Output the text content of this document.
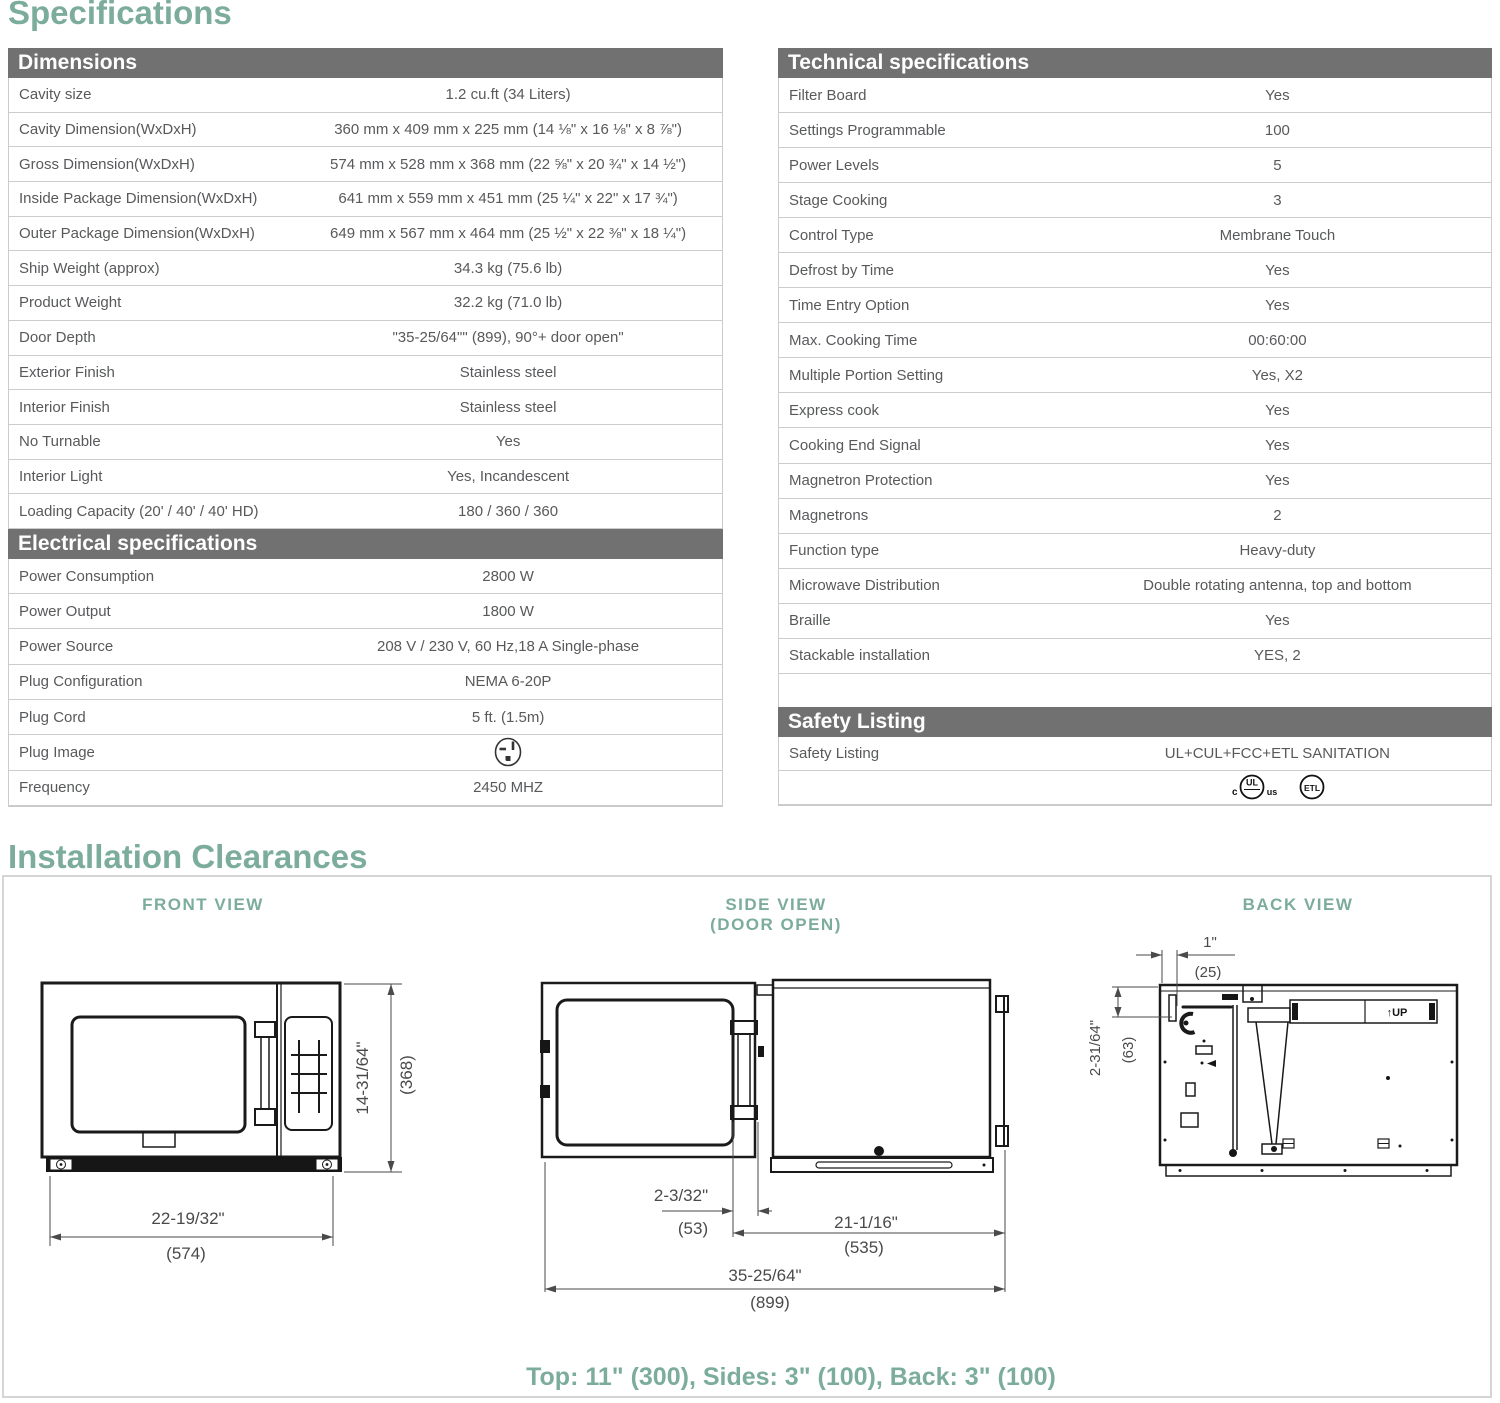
Specifications
Dimensions
Cavity size	1.2 cu.ft (34 Liters)
Cavity Dimension(WxDxH)	360 mm x 409 mm x 225 mm (14 ⅛" x 16 ⅛" x 8 ⅞")
Gross Dimension(WxDxH)	574 mm x 528 mm x 368 mm (22 ⅝" x 20 ¾" x 14 ½")
Inside Package Dimension(WxDxH)	641 mm x 559 mm x 451 mm (25 ¼" x 22" x 17 ¾")
Outer Package Dimension(WxDxH)	649 mm x 567 mm x 464 mm (25 ½" x 22 ⅜" x 18 ¼")
Ship Weight (approx)	34.3 kg (75.6 lb)
Product Weight	32.2 kg (71.0 lb)
Door Depth	"35-25/64"" (899), 90°+ door open"
Exterior Finish	Stainless steel
Interior Finish	Stainless steel
No Turnable	Yes
Interior Light	Yes, Incandescent
Loading Capacity (20' / 40' / 40' HD)	180 / 360 / 360
Electrical specifications
Power Consumption	2800 W
Power Output	1800 W
Power Source	208 V / 230 V, 60 Hz,18 A Single-phase
Plug Configuration	NEMA 6-20P
Plug Cord	5 ft. (1.5m)
Plug Image
Frequency	2450 MHZ
Technical specifications
Filter Board	Yes
Settings Programmable	100
Power Levels	5
Stage Cooking	3
Control Type	Membrane Touch
Defrost by Time	Yes
Time Entry Option	Yes
Max. Cooking Time	00:60:00
Multiple Portion Setting	Yes, X2
Express cook	Yes
Cooking End Signal	Yes
Magnetron Protection	Yes
Magnetrons	2
Function type	Heavy-duty
Microwave Distribution	Double rotating antenna, top and bottom
Braille	Yes
Stackable installation	YES, 2
Safety Listing
Safety Listing	UL+CUL+FCC+ETL SANITATION
c
UL
us	ETL
Installation Clearances
FRONT VIEW	SIDE VIEW
(DOOR OPEN)
BACK VIEW
14-31/64" (368)
22-19/32"
(574)
2-3/32"
(53)	21-1/16"
(535)
35-25/64"
(899)
↑UP
1"
(25)
2-31/64" (63)
Top: 11" (300), Sides: 3" (100), Back: 3" (100)
